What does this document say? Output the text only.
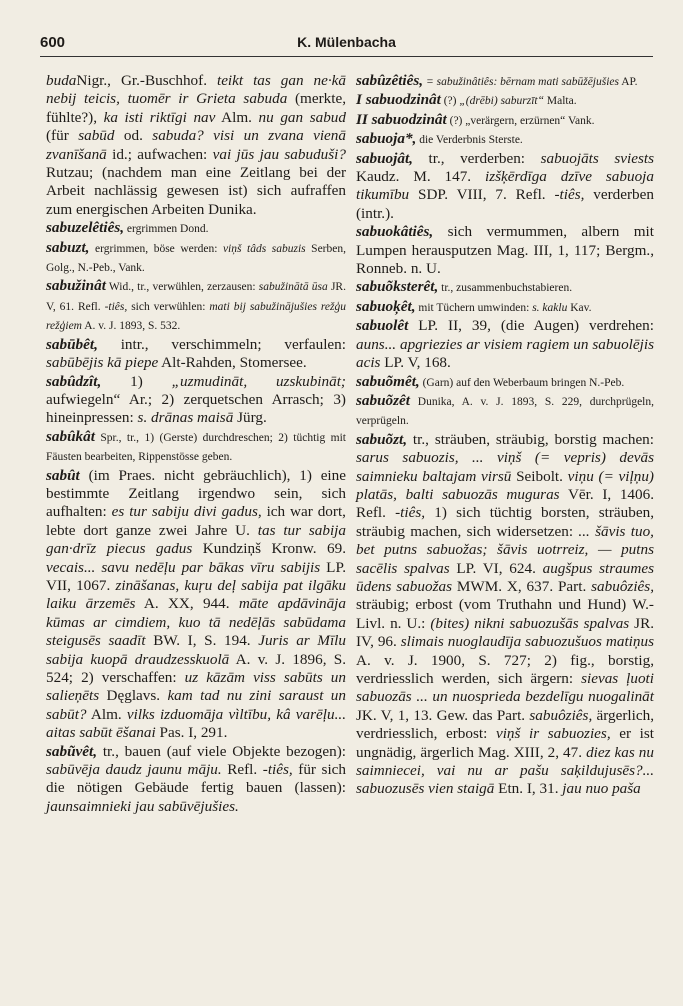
600	K. Mülenbacha

budaNigr., Gr.-Buschhof. teikt tas gan ne·kā nebij teicis, tuomēr ir Grieta sabuda (merkte, fühlte?), ka isti riktīgi nav Alm. nu gan sabud (für sabūd od. sabuda? visi un zvana vienā zvanīšanā id.; aufwachen: vai jūs jau sabuduši? Rutzau; (nachdem man eine Zeitlang bei der Arbeit nachlässig gewesen ist) sich aufraffen zum energischen Arbeiten Dunika.

sabuzelêtiês, ergrimmen Dond.

sabuzt, ergrimmen, böse werden: viņš tâds sabuzis Serben, Golg., N.-Peb., Vank.

sabužinât Wid., tr., verwühlen, zerzausen: sabužinātā ūsa JR. V, 61. Refl. -tiês, sich verwühlen: mati bij sabužinājušies režģu režģiem A. v. J. 1893, S. 532.

sabūbêt, intr., verschimmeln; verfaulen: sabūbējis kā piepe Alt-Rahden, Stomersee.

sabûdzît, 1) „uzmudināt, uzskubināt; aufwiegeln“ Ar.; 2) zerquetschen Arrasch; 3) hineinpressen: s. drānas maisā Jürg.

sabûkât Spr., tr., 1) (Gerste) durchdreschen; 2) tüchtig mit Fäusten bearbeiten, Rippenstösse geben.

sabût (im Praes. nicht gebräuchlich), 1) eine bestimmte Zeitlang irgendwo sein, sich aufhalten: es tur sabiju divi gadus, ich war dort, lebte dort ganze zwei Jahre U. tas tur sabija gan·drīz piecus gadus Kundziņš Kronw. 69. vecais... savu nedēļu par bākas vīru sabijis LP. VII, 1067. zināšanas, kuŗu deļ sabija pat ilgāku laiku ārzemēs A. XX, 944. māte apdāvināja kūmas ar cimdiem, kuo tā nedēļās sabūdama steigusēs saadīt BW. I, S. 194. Juris ar Mīlu sabija kuopā draudzesskuolā A. v. J. 1896, S. 524; 2) verschaffen: uz kāzām viss sabūts un salieņēts Dęglavs. kam tad nu zini saraust un sabūt? Alm. vilks izduomāja vìltību, kâ varēļu... aitas sabūt ēšanai Pas. I, 291.

sabũvêt, tr., bauen (auf viele Objekte bezogen): sabūvēja daudz jaunu māju. Refl. -tiês, für sich die nötigen Gebäude fertig bauen (lassen): jaunsaimnieki jau sabūvējušies.

sabûzêtiês, = sabužinâtiês: bērnam mati sabūžējušies AP.

I sabuodzinât (?) „(drēbi) saburzīt“ Malta.

II sabuodzinât (?) „verärgern, erzürnen“ Vank.

sabuoja*, die Verderbnis Sterste.

sabuojât, tr., verderben: sabuojāts sviests Kaudz. M. 147. izšķērdīga dzīve sabuoja tikumību SDP. VIII, 7. Refl. -tiês, verderben (intr.).

sabuokâtiês, sich vermummen, albern mit Lumpen herausputzen Mag. III, 1, 117; Bergm., Ronneb. n. U.

sabuõksterêt, tr., zusammenbuchstabieren.

sabuoķêt, mit Tüchern umwinden: s. kaklu Kav.

sabuolêt LP. II, 39, (die Augen) verdrehen: auns... apgriezies ar visiem ragiem un sabuolējis acis LP. V, 168.

sabuõmêt, (Garn) auf den Weberbaum bringen N.-Peb.

sabuõzêt Dunika, A. v. J. 1893, S. 229, durchprügeln, verprügeln.

sabuõzt, tr., sträuben, sträubig, borstig machen: sarus sabuozis, ... viņš (= vepris) devās saimnieku baltajam virsū Seibolt. viņu (= viļņu) platās, balti sabuozās muguras Vēr. I, 1406. Refl. -tiês, 1) sich tüchtig borsten, sträuben, sträubig machen, sich widersetzen: ... šāvis tuo, bet putns sabuožas; šāvis uotrreiz, — putns sacēlis spalvas LP. VI, 624. augšpus straumes ūdens sabuožas MWM. X, 637. Part. sabuôziês, sträubig; erbost (vom Truthahn und Hund) W.-Livl. n. U.: (bites) nikni sabuozušās spalvas JR. IV, 96. slimais nuoglaudīja sabuozušuos matiņus A. v. J. 1900, S. 727; 2) fig., borstig, verdriesslich werden, sich ärgern: sievas ļuoti sabuozās ... un nuosprieda bezdelīgu nuogalināt JK. V, 1, 13. Gew. das Part. sabuôziês, ärgerlich, verdriesslich, erbost: viņš ir sabuozies, er ist ungnädig, ärgerlich Mag. XIII, 2, 47. diez kas nu saimniecei, vai nu ar pašu saķildujusēs?... sabuozusēs vien staigā Etn. I, 31. jau nuo paša
